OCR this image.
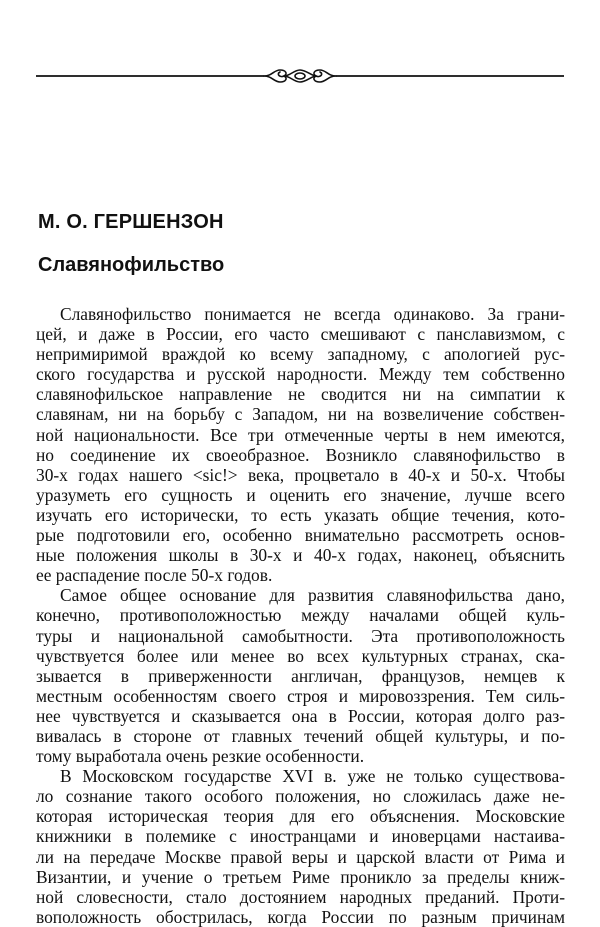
М. О. ГЕРШЕНЗОН
Славянофильство
Славянофильство понимается не всегда одинаково. За грани-
цей, и даже в России, его часто смешивают с панславизмом, с
непримиримой враждой ко всему западному, с апологией рус-
ского государства и русской народности. Между тем собственно
славянофильское направление не сводится ни на симпатии к
славянам, ни на борьбу с Западом, ни на возвеличение собствен-
ной национальности. Все три отмеченные черты в нем имеются,
но соединение их своеобразное. Возникло славянофильство в
30-х годах нашего <sic!> века, процветало в 40-х и 50-х. Чтобы
уразуметь его сущность и оценить его значение, лучше всего
изучать его исторически, то есть указать общие течения, кото-
рые подготовили его, особенно внимательно рассмотреть основ-
ные положения школы в 30-х и 40-х годах, наконец, объяснить
ее распадение после 50-х годов.
Самое общее основание для развития славянофильства дано,
конечно, противоположностью между началами общей куль-
туры и национальной самобытности. Эта противоположность
чувствуется более или менее во всех культурных странах, ска-
зывается в приверженности англичан, французов, немцев к
местным особенностям своего строя и мировоззрения. Тем силь-
нее чувствуется и сказывается она в России, которая долго раз-
вивалась в стороне от главных течений общей культуры, и по-
тому выработала очень резкие особенности.
В Московском государстве XVI в. уже не только существова-
ло сознание такого особого положения, но сложилась даже не-
которая историческая теория для его объяснения. Московские
книжники в полемике с иностранцами и иноверцами настаива-
ли на передаче Москве правой веры и царской власти от Рима и
Византии, и учение о третьем Риме проникло за пределы книж-
ной словесности, стало достоянием народных преданий. Проти-
воположность обострилась, когда России по разным причинам
